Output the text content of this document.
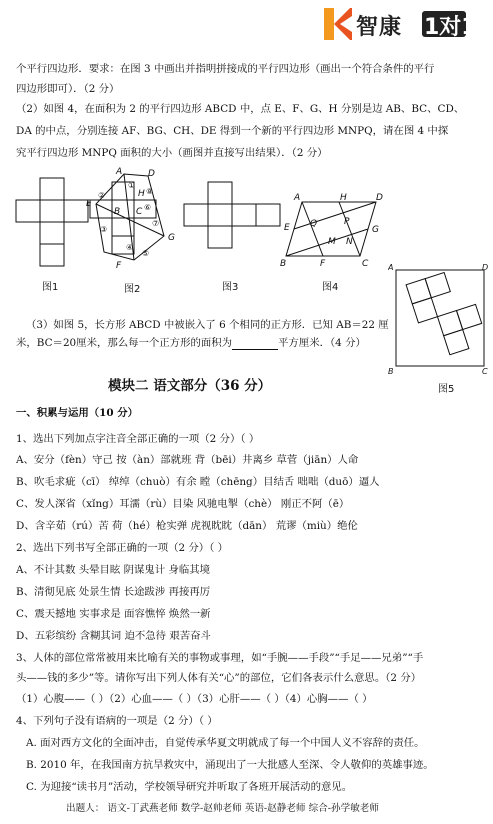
智康 1对1
个平行四边形．要求：在图 3 中画出并指明拼接成的平行四边形（画出一个符合条件的平行
四边形即可）．（2 分）
（2）如图 4，在面积为 2 的平行四边形 ABCD 中，点 E、F、G、H 分别是边 AB、BC、CD、
DA 的中点，分别连接 AF、BG、CH、DE 得到一个新的平行四边形 MNPQ，请在图 4 中探
究平行四边形 MNPQ 面积的大小（画图并直接写出结果）．（2 分）
图1
A	D
E
B C
G
H
F
①
②
③
④
⑤
⑥
⑦
⑧
图2	图3
A	H	D
E Q	P
M N
G
B	F	C
图4
A
B
D
C
图5
（3）如图 5，长方形 ABCD 中被嵌入了 6 个相同的正方形．已知 AB＝22 厘
米，BC＝20厘米，那么每一个正方形的面积为	平方厘米．（4 分）
模块二 语文部分（36 分）
一、积累与运用（10 分）
1、选出下列加点字注音全部正确的一项（2 分）（ ）
A、安分（fèn）守己 按（àn）部就班 背（bēi）井离乡 草菅（jiān）人命
B、吹毛求疵（cī） 绰绰（chuò）有余 瞠（chēng）目结舌 咄咄（duō）逼人
C、发人深省（xǐng）耳濡（rù）目染 风驰电掣（chè） 刚正不阿（ē）
D、含辛茹（rú）苦 荷（hé）枪实弹 虎视眈眈（dān） 荒谬（miù）绝伦
2、选出下列书写全部正确的一项（2 分）（ ）
A、不计其数 头晕目眩 阴谋鬼计 身临其境
B、清彻见底 处景生情 长途跋涉 再接再厉
C、震天撼地 实事求是 面容憔悴 焕然一新
D、五彩缤纷 含糊其词 迫不急待 艰苦奋斗
3、人体的部位常常被用来比喻有关的事物或事理，如“手腕——手段”“手足——兄弟”“手
头——钱的多少”等。请你写出下列人体有关“心”的部位，它们各表示什么意思。（2 分）
（1）心腹——（ ）（2）心血——（ ）（3）心肝——（ ）（4）心胸——（ ）
4、下列句子没有语病的一项是（2 分）（ ）
A. 面对西方文化的全面冲击，自觉传承华夏文明就成了每一个中国人义不容辞的责任。
B. 2010 年，在我国南方抗旱救灾中，涌现出了一大批感人至深、令人敬仰的英雄事迹。
C. 为迎接“读书月”活动，学校领导研究并听取了各班开展活动的意见。
出题人： 语文-丁武燕老师 数学-赵帅老师 英语-赵静老师 综合-孙学敏老师
